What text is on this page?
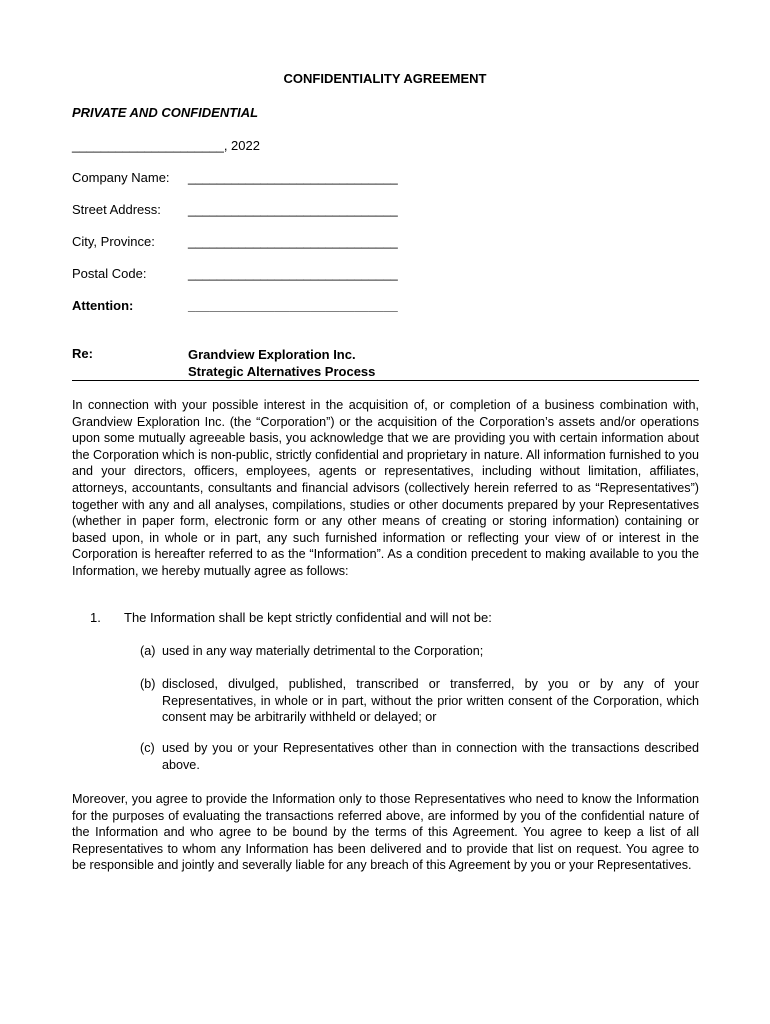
CONFIDENTIALITY AGREEMENT
PRIVATE AND CONFIDENTIAL
_____________________, 2022
Company Name: _____________________________
Street Address: _____________________________
City, Province:	_____________________________
Postal Code:	_____________________________
Attention:	_____________________________
Re:	Grandview Exploration Inc.
Strategic Alternatives Process
In connection with your possible interest in the acquisition of, or completion of a business combination with, Grandview Exploration Inc. (the “Corporation”) or the acquisition of the Corporation’s assets and/or operations upon some mutually agreeable basis, you acknowledge that we are providing you with certain information about the Corporation which is non-public, strictly confidential and proprietary in nature. All information furnished to you and your directors, officers, employees, agents or representatives, including without limitation, affiliates, attorneys, accountants, consultants and financial advisors (collectively herein referred to as “Representatives”) together with any and all analyses, compilations, studies or other documents prepared by your Representatives (whether in paper form, electronic form or any other means of creating or storing information) containing or based upon, in whole or in part, any such furnished information or reflecting your view of or interest in the Corporation is hereafter referred to as the “Information”. As a condition precedent to making available to you the Information, we hereby mutually agree as follows:
1. The Information shall be kept strictly confidential and will not be:
(a) used in any way materially detrimental to the Corporation;
(b) disclosed, divulged, published, transcribed or transferred, by you or by any of your Representatives, in whole or in part, without the prior written consent of the Corporation, which consent may be arbitrarily withheld or delayed; or
(c) used by you or your Representatives other than in connection with the transactions described above.
Moreover, you agree to provide the Information only to those Representatives who need to know the Information for the purposes of evaluating the transactions referred above, are informed by you of the confidential nature of the Information and who agree to be bound by the terms of this Agreement. You agree to keep a list of all Representatives to whom any Information has been delivered and to provide that list on request. You agree to be responsible and jointly and severally liable for any breach of this Agreement by you or your Representatives.
